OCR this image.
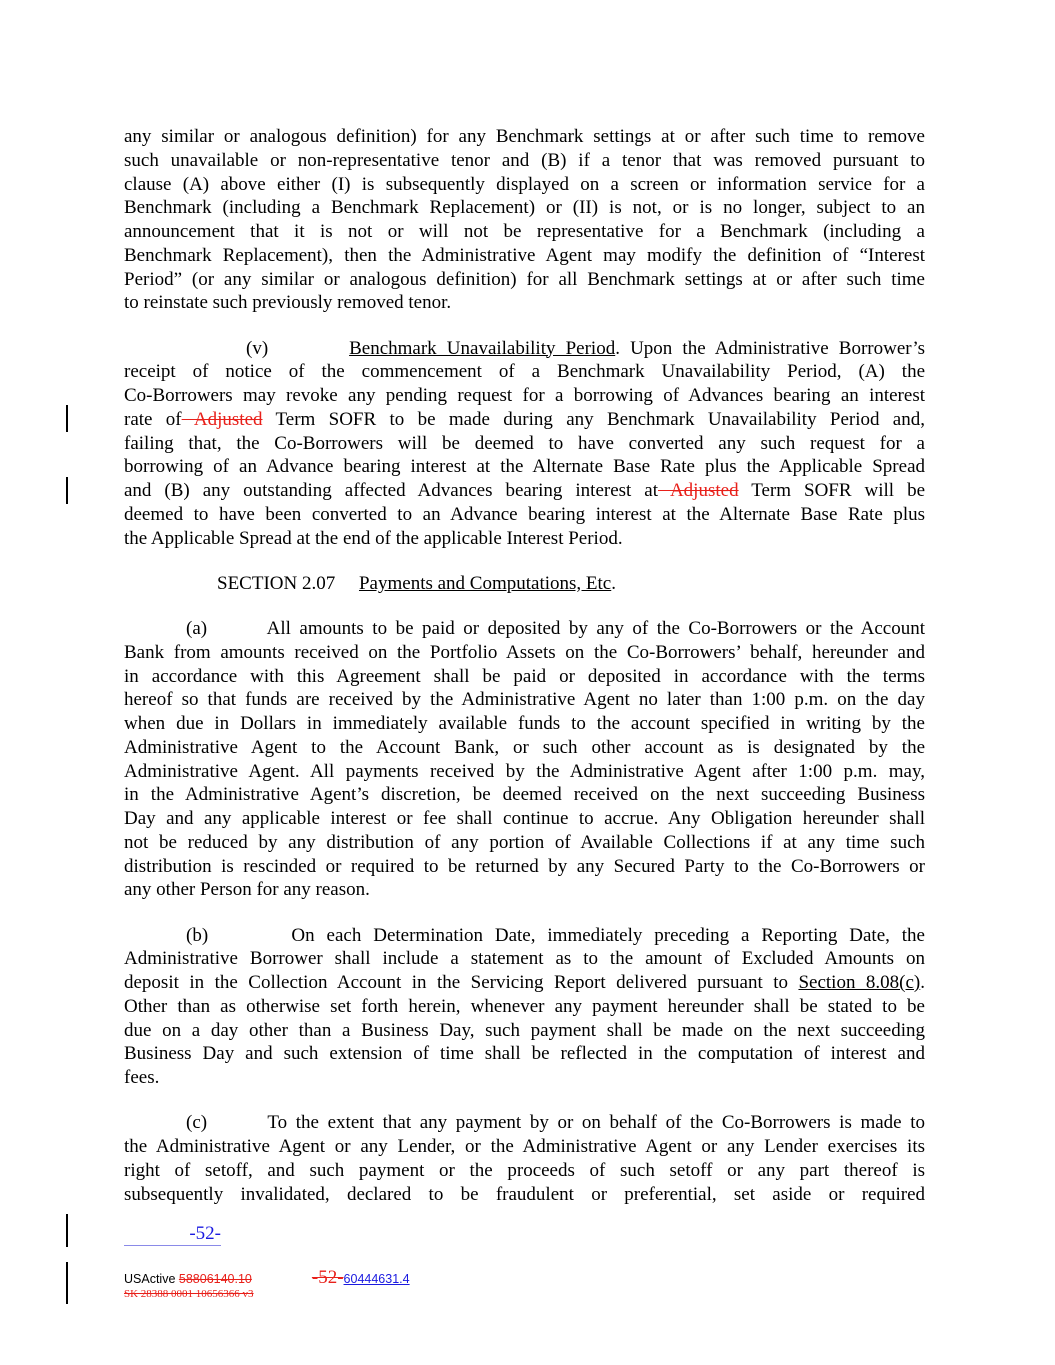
any similar or analogous definition) for any Benchmark settings at or after such time to remove
such unavailable or non-representative tenor and (B) if a tenor that was removed pursuant to
clause (A) above either (I) is subsequently displayed on a screen or information service for a
Benchmark (including a Benchmark Replacement) or (II) is not, or is no longer, subject to an
announcement that it is not or will not be representative for a Benchmark (including a
Benchmark Replacement), then the Administrative Agent may modify the definition of “Interest
Period” (or any similar or analogous definition) for all Benchmark settings at or after such time
to reinstate such previously removed tenor.
(v)        Benchmark Unavailability Period. Upon the Administrative Borrower’s
receipt of notice of the commencement of a Benchmark Unavailability Period, (A) the
Co-Borrowers may revoke any pending request for a borrowing of Advances bearing an interest
rate of Adjusted Term SOFR to be made during any Benchmark Unavailability Period and,
failing that, the Co-Borrowers will be deemed to have converted any such request for a
borrowing of an Advance bearing interest at the Alternate Base Rate plus the Applicable Spread
and (B) any outstanding affected Advances bearing interest at Adjusted Term SOFR will be
deemed to have been converted to an Advance bearing interest at the Alternate Base Rate plus
the Applicable Spread at the end of the applicable Interest Period.
SECTION 2.07     Payments and Computations, Etc.
(a)       All amounts to be paid or deposited by any of the Co-Borrowers or the Account
Bank from amounts received on the Portfolio Assets on the Co-Borrowers’ behalf, hereunder and
in accordance with this Agreement shall be paid or deposited in accordance with the terms
hereof so that funds are received by the Administrative Agent no later than 1:00 p.m. on the day
when due in Dollars in immediately available funds to the account specified in writing by the
Administrative Agent to the Account Bank, or such other account as is designated by the
Administrative Agent. All payments received by the Administrative Agent after 1:00 p.m. may,
in the Administrative Agent’s discretion, be deemed received on the next succeeding Business
Day and any applicable interest or fee shall continue to accrue. Any Obligation hereunder shall
not be reduced by any distribution of any portion of Available Collections if at any time such
distribution is rescinded or required to be returned by any Secured Party to the Co-Borrowers or
any other Person for any reason.
(b)       On each Determination Date, immediately preceding a Reporting Date, the
Administrative Borrower shall include a statement as to the amount of Excluded Amounts on
deposit in the Collection Account in the Servicing Report delivered pursuant to Section 8.08(c).
Other than as otherwise set forth herein, whenever any payment hereunder shall be stated to be
due on a day other than a Business Day, such payment shall be made on the next succeeding
Business Day and such extension of time shall be reflected in the computation of interest and
fees.
(c)       To the extent that any payment by or on behalf of the Co-Borrowers is made to
the Administrative Agent or any Lender, or the Administrative Agent or any Lender exercises its
right of setoff, and such payment or the proceeds of such setoff or any part thereof is
subsequently invalidated, declared to be fraudulent or preferential, set aside or required
-52-
USActive 58806140.10	-52-60444631.4
SK 28388 0001 10656366 v3
